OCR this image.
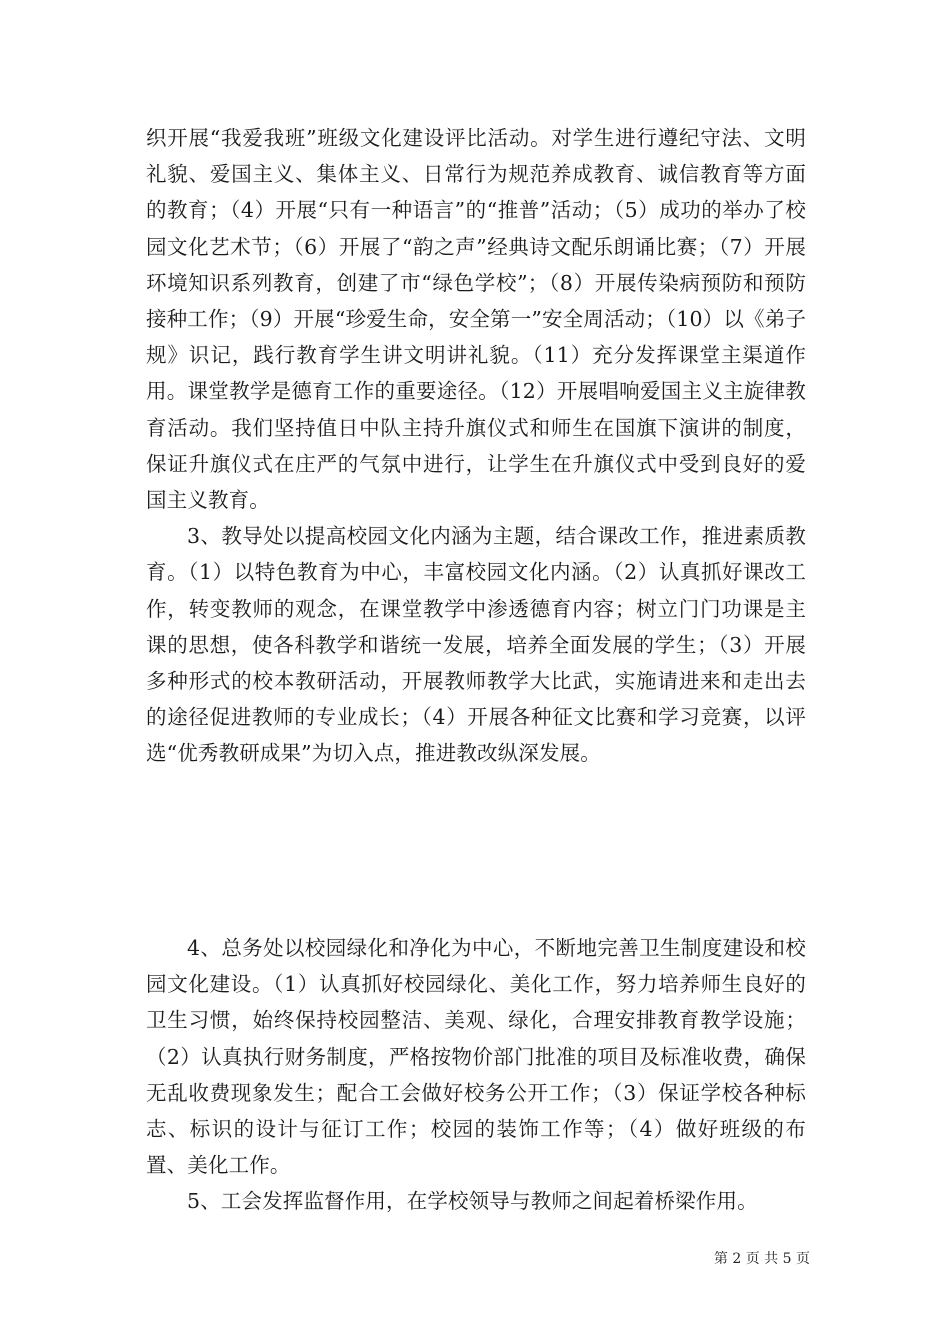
织开展“我爱我班”班级文化建设评比活动。对学生进行遵纪守法、文明礼貌、爱国主义、集体主义、日常行为规范养成教育、诚信教育等方面的教育；（4）开展“只有一种语言”的“推普”活动；（5）成功的举办了校园文化艺术节；（6）开展了“韵之声”经典诗文配乐朗诵比赛；（7）开展环境知识系列教育，创建了市“绿色学校”；（8）开展传染病预防和预防接种工作；（9）开展“珍爱生命，安全第一”安全周活动；（10）以《弟子规》识记，践行教育学生讲文明讲礼貌。（11）充分发挥课堂主渠道作用。课堂教学是德育工作的重要途径。（12）开展唱响爱国主义主旋律教育活动。我们坚持值日中队主持升旗仪式和师生在国旗下演讲的制度，保证升旗仪式在庄严的气氛中进行，让学生在升旗仪式中受到良好的爱国主义教育。

3、教导处以提高校园文化内涵为主题，结合课改工作，推进素质教育。（1）以特色教育为中心，丰富校园文化内涵。（2）认真抓好课改工作，转变教师的观念，在课堂教学中渗透德育内容；树立门门功课是主课的思想，使各科教学和谐统一发展，培养全面发展的学生；（3）开展多种形式的校本教研活动，开展教师教学大比武，实施请进来和走出去的途径促进教师的专业成长；（4）开展各种征文比赛和学习竞赛，以评选“优秀教研成果”为切入点，推进教改纵深发展。

4、总务处以校园绿化和净化为中心，不断地完善卫生制度建设和校园文化建设。（1）认真抓好校园绿化、美化工作，努力培养师生良好的卫生习惯，始终保持校园整洁、美观、绿化，合理安排教育教学设施；（2）认真执行财务制度，严格按物价部门批准的项目及标准收费，确保无乱收费现象发生；配合工会做好校务公开工作；（3）保证学校各种标志、标识的设计与征订工作；校园的装饰工作等；（4）做好班级的布置、美化工作。

5、工会发挥监督作用，在学校领导与教师之间起着桥梁作用。

第 2 页 共 5 页
